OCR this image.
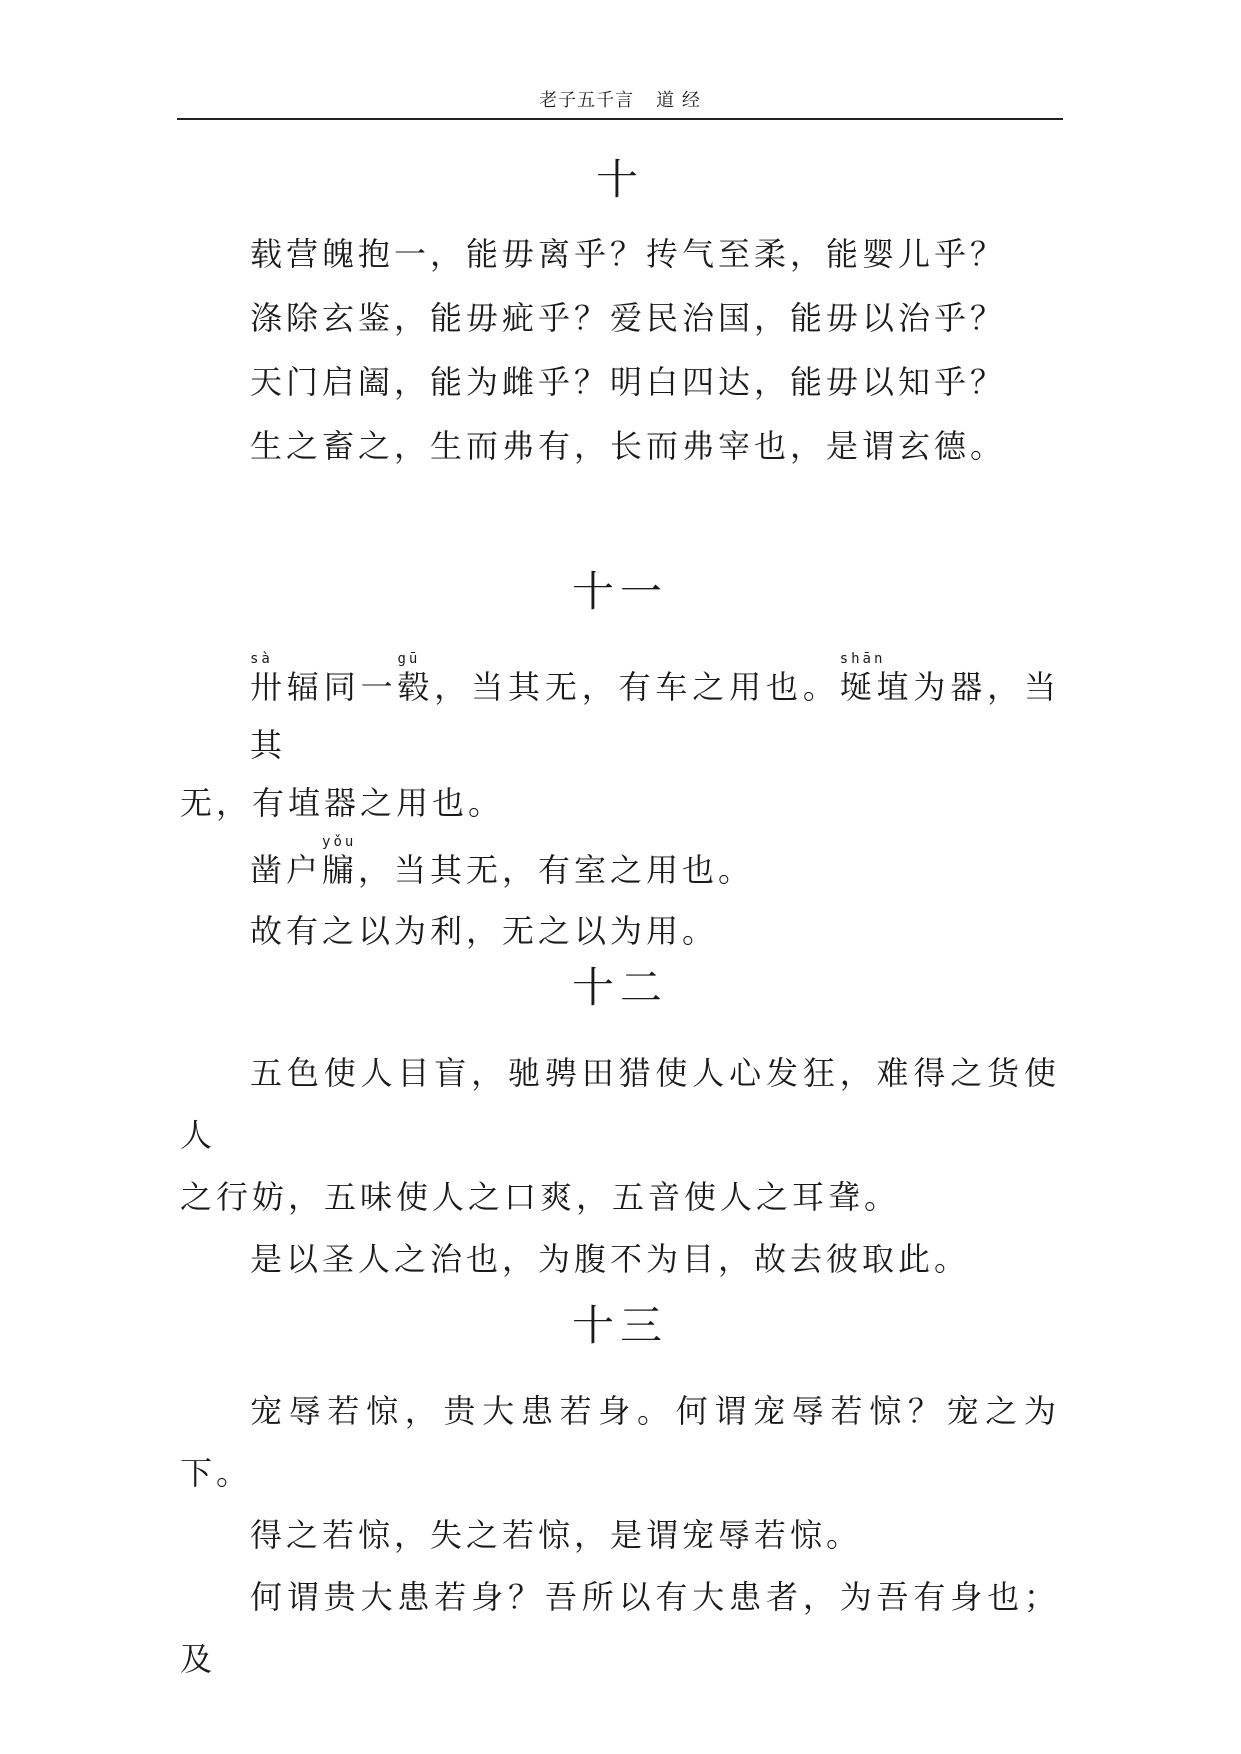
老子五千言 道 经
十

载营魄抱一，能毋离乎？抟气至柔，能婴儿乎？

涤除玄鉴，能毋疵乎？爱民治国，能毋以治乎？

天门启阖，能为雌乎？明白四达，能毋以知乎？

生之畜之，生而弗有，长而弗宰也，是谓玄德。

十一

sà
卅辐同一
gū
毂，当其无，有车之用也。
shān
埏埴为器，当其

无，有埴器之用也。

凿户
yǒu
牖，当其无，有室之用也。

故有之以为利，无之以为用。

十二

五色使人目盲，驰骋田猎使人心发狂，难得之货使人

之行妨，五味使人之口爽，五音使人之耳聋。

是以圣人之治也，为腹不为目，故去彼取此。

十三

宠辱若惊，贵大患若身。何谓宠辱若惊？宠之为下。

得之若惊，失之若惊，是谓宠辱若惊。

何谓贵大患若身？吾所以有大患者，为吾有身也；及
